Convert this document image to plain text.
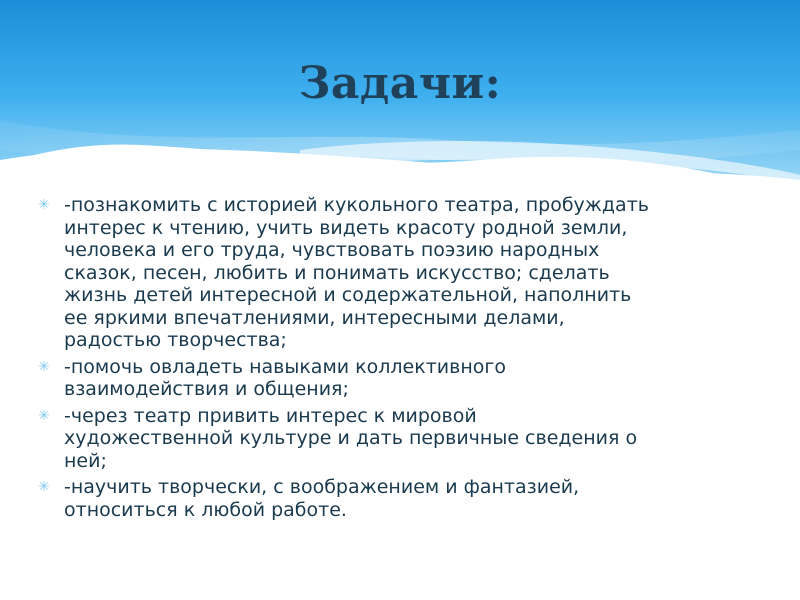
Задачи:
✳ -познакомить с историей кукольного театра, пробуждать
интерес к чтению, учить видеть красоту родной земли,
человека и его труда, чувствовать поэзию народных
сказок, песен, любить и понимать искусство; сделать
жизнь детей интересной и содержательной, наполнить
ее яркими впечатлениями, интересными делами,
радостью творчества;
✳ -помочь овладеть навыками коллективного
взаимодействия и общения;
✳ -через театр привить интерес к мировой
художественной культуре и дать первичные сведения о
ней;
✳ -научить творчески, с воображением и фантазией,
относиться к любой работе.
